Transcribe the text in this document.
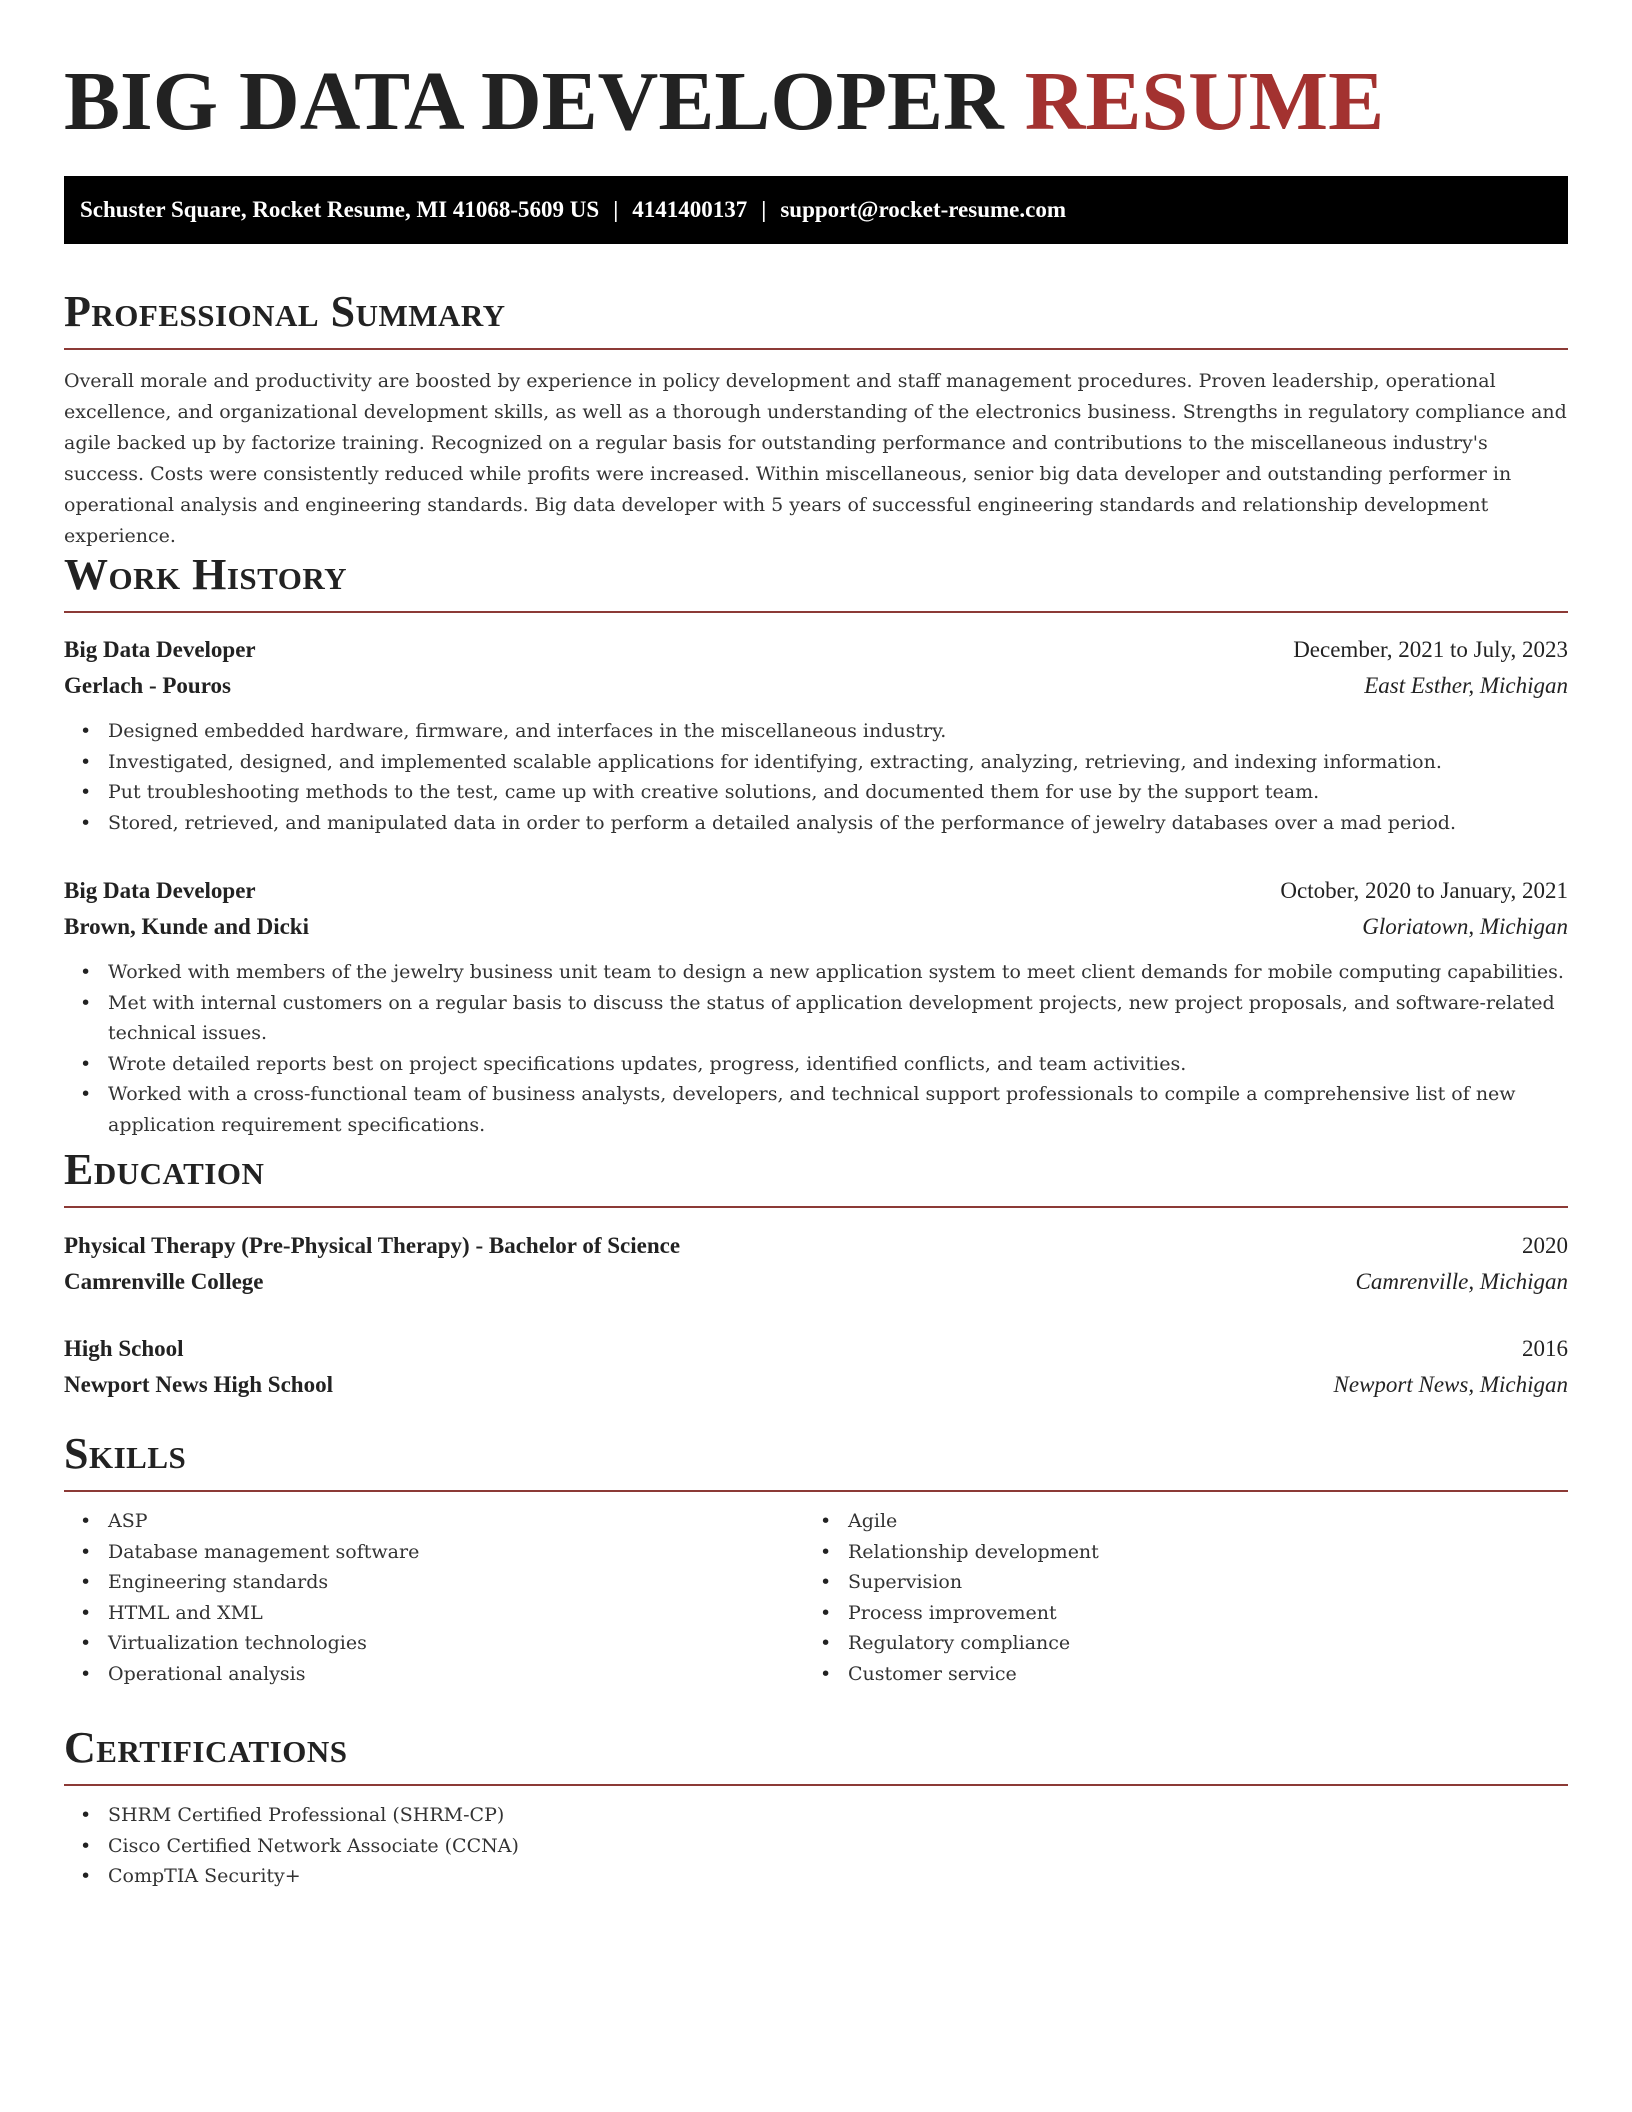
BIG DATA DEVELOPER RESUME
Schuster Square, Rocket Resume, MI 41068-5609 US | 4141400137 | support@rocket-resume.com
Professional Summary

Overall morale and productivity are boosted by experience in policy development and staff management procedures. Proven leadership, operational excellence, and organizational development skills, as well as a thorough understanding of the electronics business. Strengths in regulatory compliance and agile backed up by factorize training. Recognized on a regular basis for outstanding performance and contributions to the miscellaneous industry's success. Costs were consistently reduced while profits were increased. Within miscellaneous, senior big data developer and outstanding performer in operational analysis and engineering standards. Big data developer with 5 years of successful engineering standards and relationship development experience.

Work History
Big Data Developer	December, 2021 to July, 2023
Gerlach - Pouros	East Esther, Michigan
• Designed embedded hardware, firmware, and interfaces in the miscellaneous industry.
• Investigated, designed, and implemented scalable applications for identifying, extracting, analyzing, retrieving, and indexing information.
• Put troubleshooting methods to the test, came up with creative solutions, and documented them for use by the support team.
• Stored, retrieved, and manipulated data in order to perform a detailed analysis of the performance of jewelry databases over a mad period.
Big Data Developer	October, 2020 to January, 2021
Brown, Kunde and Dicki	Gloriatown, Michigan
• Worked with members of the jewelry business unit team to design a new application system to meet client demands for mobile computing capabilities.
• Met with internal customers on a regular basis to discuss the status of application development projects, new project proposals, and software-related technical issues.
• Wrote detailed reports best on project specifications updates, progress, identified conflicts, and team activities.
• Worked with a cross-functional team of business analysts, developers, and technical support professionals to compile a comprehensive list of new application requirement specifications.
Education
Physical Therapy (Pre-Physical Therapy) - Bachelor of Science	2020
Camrenville College	Camrenville, Michigan
High School	2016
Newport News High School	Newport News, Michigan
Skills
• ASP
• Database management software
• Engineering standards
• HTML and XML
• Virtualization technologies
• Operational analysis
• Agile
• Relationship development
• Supervision
• Process improvement
• Regulatory compliance
• Customer service
Certifications
• SHRM Certified Professional (SHRM-CP)
• Cisco Certified Network Associate (CCNA)
• CompTIA Security+
